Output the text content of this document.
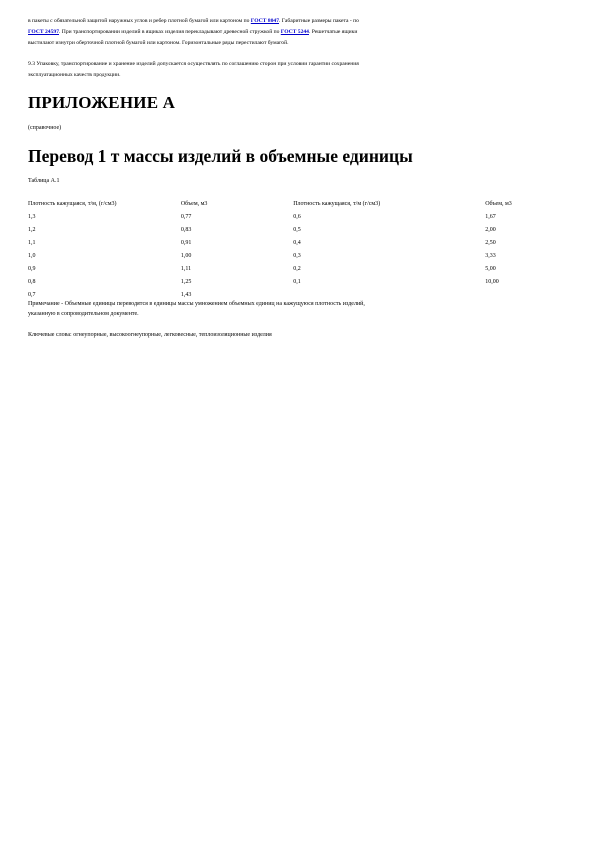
в пакеты с обязательной защитой наружных углов и ребер плотной бумагой или картоном по ГОСТ 8047. Габаритные размеры пакета - по
ГОСТ 24597. При транспортировании изделий в ящиках изделия перекладывают древесной стружкой по ГОСТ 5244. Решетчатые ящики
выстилают изнутри оберточной плотной бумагой или картоном. Горизонтальные ряды перестилают бумагой.
9.3 Упаковку, транспортирование и хранение изделий допускается осуществлять по соглашению сторон при условии гарантии сохранения
эксплуатационных качеств продукции.
ПРИЛОЖЕНИЕ А
(справочное)
Перевод 1 т массы изделий в объемные единицы
Таблица А.1
Плотность кажущаяся, т/м, (г/см3)	Объем, м3	Плотность кажущаяся, т/м (г/см3)	Объем, м3
1,3	0,77	0,6	1,67
1,2	0,83	0,5	2,00
1,1	0,91	0,4	2,50
1,0	1,00	0,3	3,33
0,9	1,11	0,2	5,00
0,8	1,25	0,1	10,00
0,7	1,43		
Примечание - Объемные единицы переводятся в единицы массы умножением объемных единиц на кажущуюся плотность изделий,
указанную в сопроводительном документе.
Ключевые слова: огнеупорные, высокоогнеупорные, легковесные, теплоизоляционные изделия
